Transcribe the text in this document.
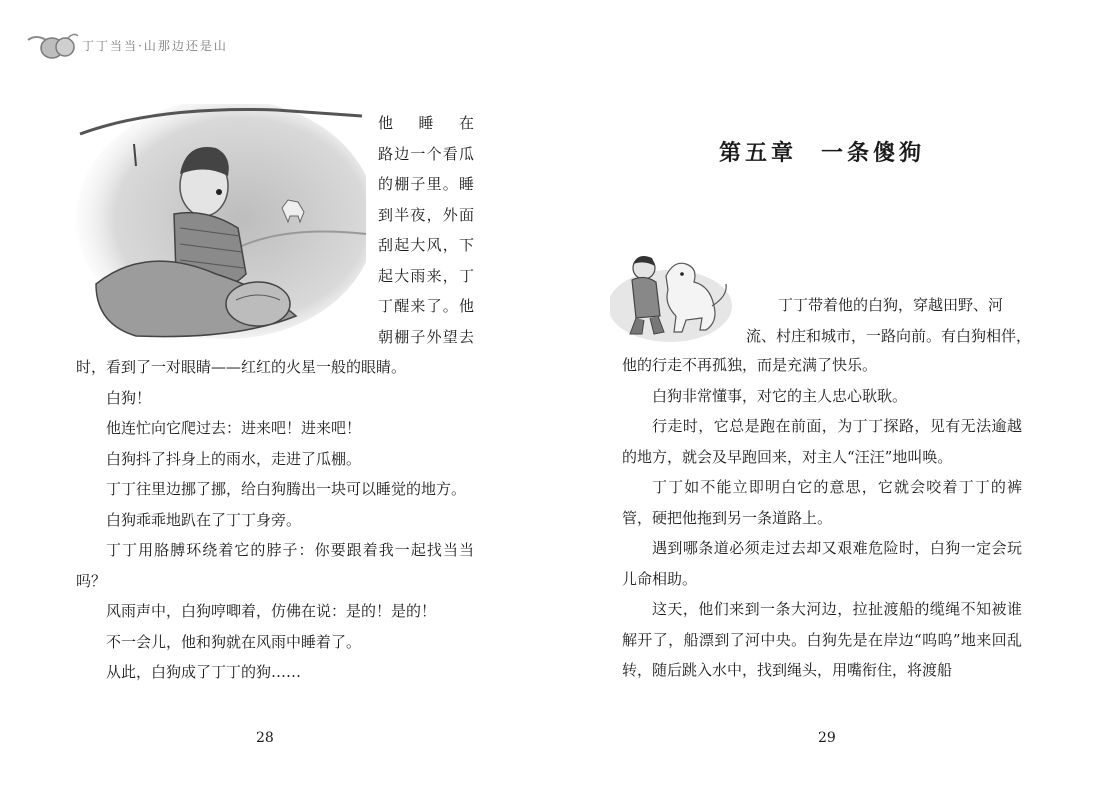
丁丁当当·山那边还是山

他 睡 在

路边一个看瓜

的棚子里。睡

到半夜，外面

刮起大风，下

起大雨来，丁

丁醒来了。他

朝棚子外望去

时，看到了一对眼睛——红红的火星一般的眼睛。

白狗！

他连忙向它爬过去：进来吧！进来吧！

白狗抖了抖身上的雨水，走进了瓜棚。

丁丁往里边挪了挪，给白狗腾出一块可以睡觉的地方。

白狗乖乖地趴在了丁丁身旁。

丁丁用胳膊环绕着它的脖子：你要跟着我一起找当当吗？

风雨声中，白狗哼唧着，仿佛在说：是的！是的！

不一会儿，他和狗就在风雨中睡着了。

从此，白狗成了丁丁的狗……

28
第五章 一条傻狗

丁丁带着他的白狗，穿越田野、河

流、村庄和城市，一路向前。有白狗相伴，

他的行走不再孤独，而是充满了快乐。

白狗非常懂事，对它的主人忠心耿耿。

行走时，它总是跑在前面，为丁丁探路，见有无法逾越的地方，就会及早跑回来，对主人“汪汪”地叫唤。

丁丁如不能立即明白它的意思，它就会咬着丁丁的裤管，硬把他拖到另一条道路上。

遇到哪条道必须走过去却又艰难危险时，白狗一定会玩儿命相助。

这天，他们来到一条大河边，拉扯渡船的缆绳不知被谁解开了，船漂到了河中央。白狗先是在岸边“呜呜”地来回乱转，随后跳入水中，找到绳头，用嘴衔住，将渡船

29
